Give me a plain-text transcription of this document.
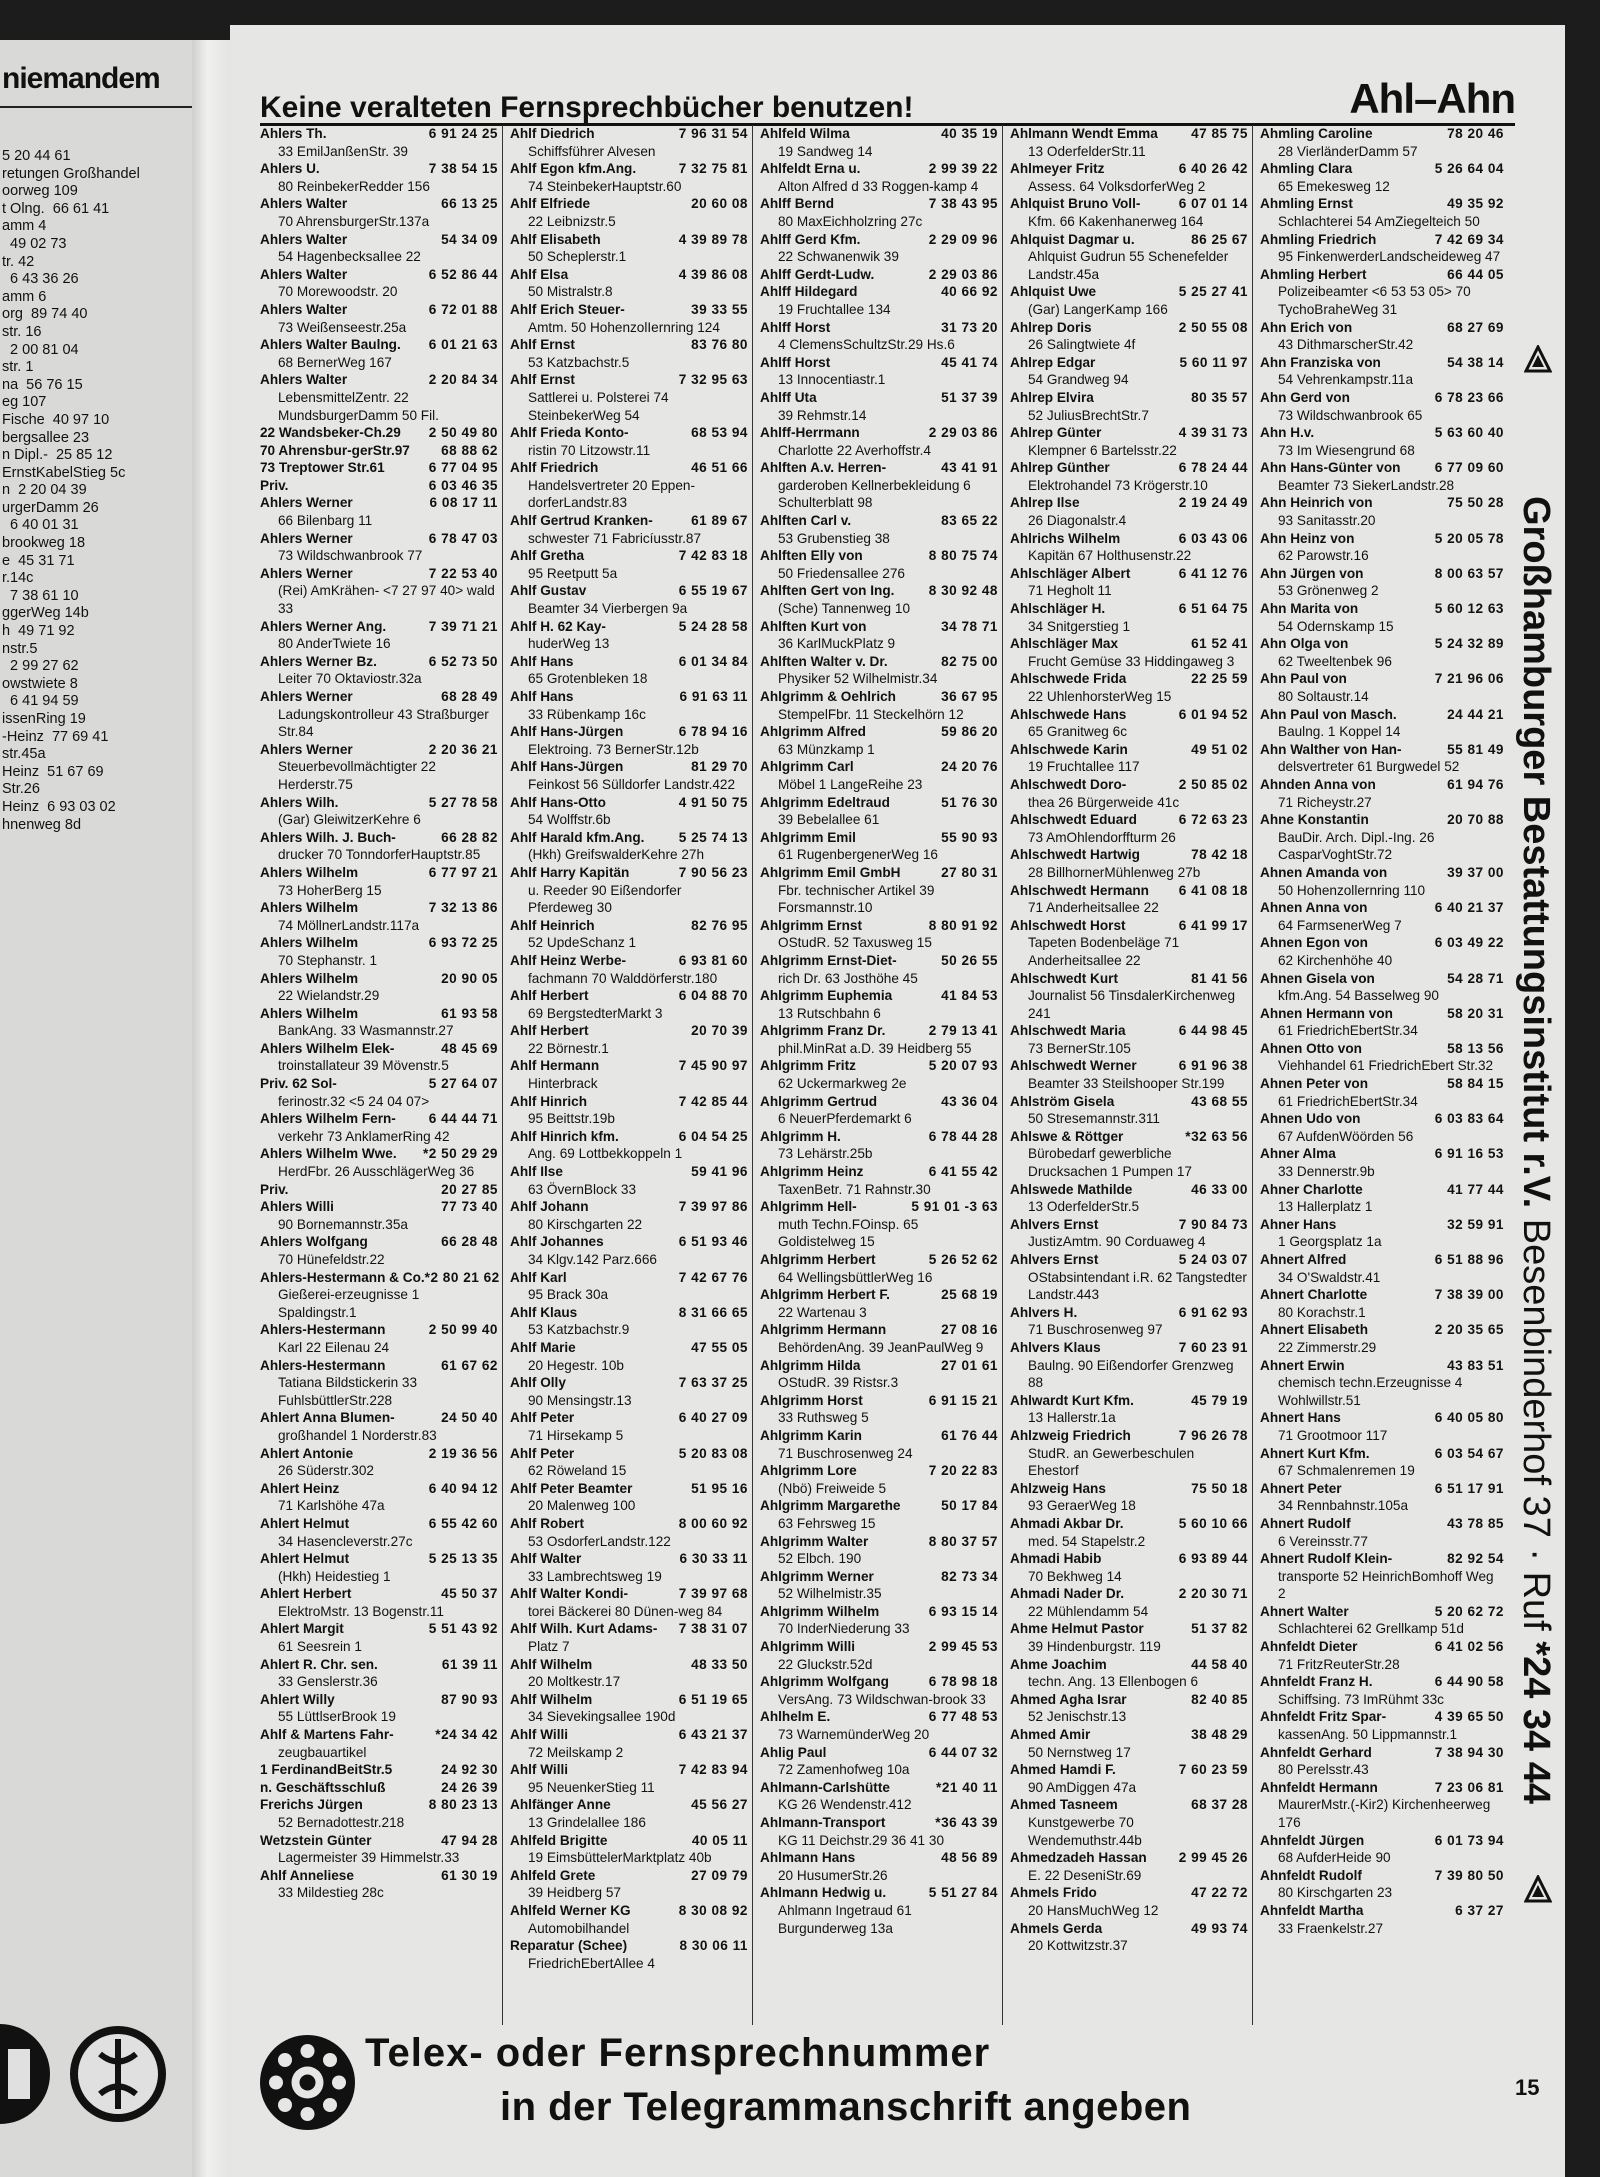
niemandem
5 20 44 61
retungen Großhandel
oorweg 109
t Olng.  66 61 41
amm 4
49 02 73
tr. 42
6 43 36 26
amm 6
org  89 74 40
str. 16
2 00 81 04
str. 1
na  56 76 15
eg 107
Fische  40 97 10
bergsallee 23
n Dipl.-  25 85 12
ErnstKabelStieg 5c
n  2 20 04 39
urgerDamm 26
6 40 01 31
brookweg 18
e  45 31 71
r.14c
7 38 61 10
ggerWeg 14b
h  49 71 92
nstr.5
2 99 27 62
owstwiete 8
6 41 94 59
issenRing 19
-Heinz  77 69 41
str.45a
Heinz  51 67 69
Str.26
Heinz  6 93 03 02
hnenweg 8d
Keine veralteten Fernsprechbücher benutzen!	Ahl–Ahn
Ahlers Th.	6 91 24 25
33 EmilJanßenStr. 39
Ahlers U.	7 38 54 15
80 ReinbekerRedder 156
Ahlers Walter	66 13 25
70 AhrensburgerStr.137a
Ahlers Walter	54 34 09
54 HagenbecksalIee 22
Ahlers Walter	6 52 86 44
70 Morewoodstr. 20
Ahlers Walter	6 72 01 88
73 Weißenseestr.25a
Ahlers Walter Baulng. 6 01 21 63
68 BernerWeg 167
Ahlers Walter	2 20 84 34
LebensmittelZentr. 22 MundsburgerDamm 50 Fil.
22 Wandsbeker-Ch.29 2 50 49 80
70 Ahrensbur-gerStr.97 68 88 62
73 Treptower Str.61	6 77 04 95
Priv.	6 03 46 35
Ahlers Werner	6 08 17 11
66 Bilenbarg 11
Ahlers Werner	6 78 47 03
73 Wildschwanbrook 77
Ahlers Werner	7 22 53 40
(Rei) AmKrähen- <7 27 97 40> wald 33
Ahlers Werner Ang.	7 39 71 21
80 AnderTwiete 16
Ahlers Werner Bz.	6 52 73 50
Leiter 70 Oktaviostr.32a
Ahlers Werner	68 28 49
Ladungskontrolleur 43 Straßburger Str.84
Ahlers Werner	2 20 36 21
Steuerbevollmächtigter 22 Herderstr.75
Ahlers Wilh.	5 27 78 58
(Gar) GleiwitzerKehre 6
Ahlers Wilh. J. Buch-	66 28 82
drucker 70 TonndorferHauptstr.85
Ahlers Wilhelm	6 77 97 21
73 HoherBerg 15
Ahlers Wilhelm	7 32 13 86
74 MöllnerLandstr.117a
Ahlers Wilhelm	6 93 72 25
70 Stephanstr. 1
Ahlers Wilhelm	20 90 05
22 Wielandstr.29
Ahlers Wilhelm	61 93 58
BankAng. 33 Wasmannstr.27
Ahlers Wilhelm Elek-	48 45 69
troinstallateur 39 Mövenstr.5
Priv. 62 Sol-	5 27 64 07
ferinostr.32 <5 24 04 07>
Ahlers Wilhelm Fern- 6 44 44 71
verkehr 73 AnklamerRing 42
Ahlers Wilhelm Wwe. *2 50 29 29
HerdFbr. 26 AusschlägerWeg 36
Priv.	20 27 85
Ahlers Willi	77 73 40
90 Bornemannstr.35a
Ahlers Wolfgang	66 28 48
70 Hünefeldstr.22
Ahlers-Hestermann & Co. *2 80 21 62
Gießerei-erzeugnisse 1 Spaldingstr.1
Ahlers-Hestermann	2 50 99 40
Karl 22 Eilenau 24
Ahlers-Hestermann	61 67 62
Tatiana Bildstickerin 33 FuhlsbüttlerStr.228
Ahlert Anna Blumen-	24 50 40
großhandel 1 Norderstr.83
Ahlert Antonie	2 19 36 56
26 Süderstr.302
Ahlert Heinz	6 40 94 12
71 Karlshöhe 47a
Ahlert Helmut	6 55 42 60
34 Hasencleverstr.27c
Ahlert Helmut	5 25 13 35
(Hkh) Heidestieg 1
Ahlert Herbert	45 50 37
ElektroMstr. 13 Bogenstr.11
Ahlert Margit	5 51 43 92
61 Seesrein 1
Ahlert R. Chr. sen.	61 39 11
33 Genslerstr.36
Ahlert Willy	87 90 93
55 LüttlserBrook 19
Ahlf & Martens Fahr-	*24 34 42
zeugbauartikel
1 FerdinandBeitStr.5	24 92 30
n. Geschäftsschluß	24 26 39
Frerichs Jürgen	8 80 23 13
52 Bernadottestr.218
Wetzstein Günter	47 94 28
Lagermeister 39 Himmelstr.33
Ahlf Anneliese	61 30 19
33 Mildestieg 28c
Ahlf Diedrich	7 96 31 54
Schiffsführer Alvesen
Ahlf Egon kfm.Ang.	7 32 75 81
74 SteinbekerHauptstr.60
Ahlf Elfriede	20 60 08
22 Leibnizstr.5
Ahlf Elisabeth	4 39 89 78
50 Scheplerstr.1
Ahlf Elsa	4 39 86 08
50 Mistralstr.8
Ahlf Erich Steuer-	39 33 55
Amtm. 50 HohenzolIernring 124
Ahlf Ernst	83 76 80
53 Katzbachstr.5
Ahlf Ernst	7 32 95 63
Sattlerei u. Polsterei 74 SteinbekerWeg 54
Ahlf Frieda Konto-	68 53 94
ristin 70 Litzowstr.11
Ahlf Friedrich	46 51 66
Handelsvertreter 20 Eppen-dorferLandstr.83
Ahlf Gertrud Kranken-	61 89 67
schwester 71 Fabricíusstr.87
Ahlf Gretha	7 42 83 18
95 Reetputt 5a
Ahlf Gustav	6 55 19 67
Beamter 34 Vierbergen 9a
Ahlf H. 62 Kay-	5 24 28 58
huderWeg 13
Ahlf Hans	6 01 34 84
65 Grotenbleken 18
Ahlf Hans	6 91 63 11
33 Rübenkamp 16c
Ahlf Hans-Jürgen	6 78 94 16
Elektroing. 73 BernerStr.12b
Ahlf Hans-Jürgen	81 29 70
Feinkost 56 Sülldorfer Landstr.422
Ahlf Hans-Otto	4 91 50 75
54 Wolffstr.6b
Ahlf Harald kfm.Ang.	5 25 74 13
(Hkh) GreifswalderKehre 27h
Ahlf Harry Kapitän	7 90 56 23
u. Reeder 90 Eißendorfer Pferdeweg 30
Ahlf Heinrich	82 76 95
52 UpdeSchanz 1
Ahlf Heinz Werbe-	6 93 81 60
fachmann 70 Walddörferstr.180
Ahlf Herbert	6 04 88 70
69 BergstedterMarkt 3
Ahlf Herbert	20 70 39
22 Börnestr.1
Ahlf Hermann	7 45 90 97
Hinterbrack
Ahlf Hinrich	7 42 85 44
95 Beittstr.19b
Ahlf Hinrich kfm.	6 04 54 25
Ang. 69 Lottbekkoppeln 1
Ahlf Ilse	59 41 96
63 ÖvernBlock 33
Ahlf Johann	7 39 97 86
80 Kirschgarten 22
Ahlf Johannes	6 51 93 46
34 Klgv.142 Parz.666
Ahlf Karl	7 42 67 76
95 Brack 30a
Ahlf Klaus	8 31 66 65
53 Katzbachstr.9
Ahlf Marie	47 55 05
20 Hegestr. 10b
Ahlf Olly	7 63 37 25
90 Mensingstr.13
Ahlf Peter	6 40 27 09
71 Hirsekamp 5
Ahlf Peter	5 20 83 08
62 Röweland 15
Ahlf Peter Beamter	51 95 16
20 Malenweg 100
Ahlf Robert	8 00 60 92
53 OsdorferLandstr.122
Ahlf Walter	6 30 33 11
33 Lambrechtsweg 19
Ahlf Walter Kondi-	7 39 97 68
torei Bäckerei 80 Dünen-weg 84
Ahlf Wilh. Kurt Adams- 7 38 31 07
Platz 7
Ahlf Wilhelm	48 33 50
20 Moltkestr.17
Ahlf Wilhelm	6 51 19 65
34 Sievekingsallee 190d
Ahlf Willi	6 43 21 37
72 Meilskamp 2
Ahlf Willi	7 42 83 94
95 NeuenkerStieg 11
Ahlfänger Anne	45 56 27
13 Grindelallee 186
Ahlfeld Brigitte	40 05 11
19 EimsbüttelerMarktplatz 40b
Ahlfeld Grete	27 09 79
39 Heidberg 57
Ahlfeld Werner KG	8 30 08 92
Automobilhandel
Reparatur (Schee)	8 30 06 11
FriedrichEbertAllee 4
Ahlfeld Wilma	40 35 19
19 Sandweg 14
Ahlfeldt Erna u.	2 99 39 22
Alton Alfred d 33 Roggen-kamp 4
Ahlff Bernd	7 38 43 95
80 MaxEichholzring 27c
Ahlff Gerd Kfm.	2 29 09 96
22 Schwanenwik 39
Ahlff Gerdt-Ludw.	2 29 03 86
Ahlff Hildegard	40 66 92
19 Fruchtallee 134
Ahlff Horst	31 73 20
4 ClemensSchultzStr.29 Hs.6
Ahlff Horst	45 41 74
13 Innocentiastr.1
Ahlff Uta	51 37 39
39 Rehmstr.14
Ahlff-Herrmann	2 29 03 86
Charlotte 22 Averhoffstr.4
Ahlften A.v. Herren-	43 41 91
garderoben Kellnerbekleidung 6 Schulterblatt 98
Ahlften Carl v.	83 65 22
53 Grubenstieg 38
Ahlften Elly von	8 80 75 74
50 Friedensallee 276
Ahlften Gert von Ing.	8 30 92 48
(Sche) Tannenweg 10
Ahlften Kurt von	34 78 71
36 KarlMuckPlatz 9
Ahlften Walter v. Dr.	82 75 00
Physiker 52 Wilhelmistr.34
Ahlgrimm & Oehlrich	36 67 95
StempelFbr. 11 Steckelhörn 12
Ahlgrimm Alfred	59 86 20
63 Münzkamp 1
Ahlgrimm Carl	24 20 76
Möbel 1 LangeReihe 23
Ahlgrimm Edeltraud	51 76 30
39 Bebelallee 61
Ahlgrimm Emil	55 90 93
61 RugenbergenerWeg 16
Ahlgrimm Emil GmbH	27 80 31
Fbr. technischer Artikel 39 Forsmannstr.10
Ahlgrimm Ernst	8 80 91 92
OStudR. 52 Taxusweg 15
Ahlgrimm Ernst-Diet-	50 26 55
rich Dr. 63 Josthöhe 45
Ahlgrimm Euphemia	41 84 53
13 Rutschbahn 6
Ahlgrimm Franz Dr.	2 79 13 41
phil.MinRat a.D. 39 Heidberg 55
Ahlgrimm Fritz	5 20 07 93
62 Uckermarkweg 2e
Ahlgrimm Gertrud	43 36 04
6 NeuerPferdemarkt 6
Ahlgrimm H.	6 78 44 28
73 Lehärstr.25b
Ahlgrimm Heinz	6 41 55 42
TaxenBetr. 71 Rahnstr.30
Ahlgrimm Hell-	5 91 01 -3 63
muth Techn.FOinsp. 65 Goldistelweg 15
Ahlgrimm Herbert	5 26 52 62
64 WellingsbüttlerWeg 16
Ahlgrimm Herbert F.	25 68 19
22 Wartenau 3
Ahlgrimm Hermann	27 08 16
BehördenAng. 39 JeanPaulWeg 9
Ahlgrimm Hilda	27 01 61
OStudR. 39 Ristsr.3
Ahlgrimm Horst	6 91 15 21
33 Ruthsweg 5
Ahlgrimm Karin	61 76 44
71 Buschrosenweg 24
Ahlgrimm Lore	7 20 22 83
(Nbö) Freiweide 5
Ahlgrimm Margarethe	50 17 84
63 Fehrsweg 15
Ahlgrimm Walter	8 80 37 57
52 Elbch. 190
Ahlgrimm Werner	82 73 34
52 Wilhelmistr.35
Ahlgrimm Wilhelm	6 93 15 14
70 InderNiederung 33
Ahlgrimm Willi	2 99 45 53
22 Gluckstr.52d
Ahlgrimm Wolfgang	6 78 98 18
VersAng. 73 Wildschwan-brook 33
Ahlhelm E.	6 77 48 53
73 WarnemünderWeg 20
Ahlig Paul	6 44 07 32
72 Zamenhofweg 10a
Ahlmann-Carlshütte	*21 40 11
KG 26 Wendenstr.412
Ahlmann-Transport	*36 43 39
KG 11 Deichstr.29 36 41 30
Ahlmann Hans	48 56 89
20 HusumerStr.26
Ahlmann Hedwig u.	5 51 27 84
Ahlmann Ingetraud 61 Burgunderweg 13a
Ahlmann Wendt Emma 47 85 75
13 OderfelderStr.11
Ahlmeyer Fritz	6 40 26 42
Assess. 64 VolksdorferWeg 2
Ahlquist Bruno Voll-	6 07 01 14
Kfm. 66 Kakenhanerweg 164
Ahlquist Dagmar u.	86 25 67
Ahlquist Gudrun 55 Schenefelder Landstr.45a
Ahlquist Uwe	5 25 27 41
(Gar) LangerKamp 166
Ahlrep Doris	2 50 55 08
26 Salingtwiete 4f
Ahlrep Edgar	5 60 11 97
54 Grandweg 94
Ahlrep Elvira	80 35 57
52 JuliusBrechtStr.7
Ahlrep Günter	4 39 31 73
Klempner 6 Bartelsstr.22
Ahlrep Günther	6 78 24 44
Elektrohandel 73 Krögerstr.10
Ahlrep Ilse	2 19 24 49
26 Diagonalstr.4
Ahlrichs Wilhelm	6 03 43 06
Kapitän 67 Holthusenstr.22
Ahlschläger Albert	6 41 12 76
71 Hegholt 11
Ahlschläger H.	6 51 64 75
34 Snitgerstieg 1
Ahlschläger Max	61 52 41
Frucht Gemüse 33 Hiddingaweg 3
Ahlschwede Frida	22 25 59
22 UhlenhorsterWeg 15
Ahlschwede Hans	6 01 94 52
65 Granitweg 6c
Ahlschwede Karin	49 51 02
19 Fruchtallee 117
Ahlschwedt Doro-	2 50 85 02
thea 26 Bürgerweide 41c
Ahlschwedt Eduard	6 72 63 23
73 AmOhlendorffturm 26
Ahlschwedt Hartwig	78 42 18
28 BillhornerMühlenweg 27b
Ahlschwedt Hermann 6 41 08 18
71 Anderheitsallee 22
Ahlschwedt Horst	6 41 99 17
Tapeten Bodenbeläge 71 Anderheitsallee 22
Ahlschwedt Kurt	81 41 56
Journalist 56 TinsdalerKirchenweg 241
Ahlschwedt Maria	6 44 98 45
73 BernerStr.105
Ahlschwedt Werner	6 91 96 38
Beamter 33 Steilshooper Str.199
Ahlström Gisela	43 68 55
50 Stresemannstr.311
Ahlswe & Röttger	*32 63 56
Bürobedarf gewerbliche Drucksachen 1 Pumpen 17
Ahlswede Mathilde	46 33 00
13 OderfelderStr.5
Ahlvers Ernst	7 90 84 73
JustizAmtm. 90 Corduaweg 4
Ahlvers Ernst	5 24 03 07
OStabsintendant i.R. 62 Tangstedter Landstr.443
Ahlvers H.	6 91 62 93
71 Buschrosenweg 97
Ahlvers Klaus	7 60 23 91
Baulng. 90 Eißendorfer Grenzweg 88
Ahlwardt Kurt Kfm.	45 79 19
13 Hallerstr.1a
Ahlzweig Friedrich	7 96 26 78
StudR. an Gewerbeschulen Ehestorf
Ahlzweig Hans	75 50 18
93 GeraerWeg 18
Ahmadi Akbar Dr.	5 60 10 66
med. 54 Stapelstr.2
Ahmadi Habib	6 93 89 44
70 Bekhweg 14
Ahmadi Nader Dr.	2 20 30 71
22 Mühlendamm 54
Ahme Helmut Pastor	51 37 82
39 Hindenburgstr. 119
Ahme Joachim	44 58 40
techn. Ang. 13 Ellenbogen 6
Ahmed Agha Israr	82 40 85
52 Jenischstr.13
Ahmed Amir	38 48 29
50 Nernstweg 17
Ahmed Hamdi F.	7 60 23 59
90 AmDiggen 47a
Ahmed Tasneem	68 37 28
Kunstgewerbe 70 Wendemuthstr.44b
Ahmedzadeh Hassan 2 99 45 26
E. 22 DeseniStr.69
Ahmels Frido	47 22 72
20 HansMuchWeg 12
Ahmels Gerda	49 93 74
20 Kottwitzstr.37
Ahmling Caroline	78 20 46
28 VierländerDamm 57
Ahmling Clara	5 26 64 04
65 Emekesweg 12
Ahmling Ernst	49 35 92
Schlachterei 54 AmZiegelteich 50
Ahmling Friedrich	7 42 69 34
95 FinkenwerderLandscheideweg 47
Ahmling Herbert	66 44 05
Polizeibeamter <6 53 53 05> 70 TychoBraheWeg 31
Ahn Erich von	68 27 69
43 DithmarscherStr.42
Ahn Franziska von	54 38 14
54 Vehrenkampstr.11a
Ahn Gerd von	6 78 23 66
73 Wildschwanbrook 65
Ahn H.v.	5 63 60 40
73 Im Wiesengrund 68
Ahn Hans-Günter von	6 77 09 60
Beamter 73 SiekerLandstr.28
Ahn Heinrich von	75 50 28
93 Sanitasstr.20
Ahn Heinz von	5 20 05 78
62 Parowstr.16
Ahn Jürgen von	8 00 63 57
53 Grönenweg 2
Ahn Marita von	5 60 12 63
54 Odernskamp 15
Ahn Olga von	5 24 32 89
62 Tweeltenbek 96
Ahn Paul von	7 21 96 06
80 Soltaustr.14
Ahn Paul von Masch.	24 44 21
Baulng. 1 Koppel 14
Ahn Walther von Han-	55 81 49
delsvertreter 61 Burgwedel 52
Ahnden Anna von	61 94 76
71 Richeystr.27
Ahne Konstantin	20 70 88
BauDir. Arch. Dipl.-Ing. 26 CasparVoghtStr.72
Ahnen Amanda von	39 37 00
50 Hohenzollernring 110
Ahnen Anna von	6 40 21 37
64 FarmsenerWeg 7
Ahnen Egon von	6 03 49 22
62 Kirchenhöhe 40
Ahnen Gisela von	54 28 71
kfm.Ang. 54 Basselweg 90
Ahnen Hermann von	58 20 31
61 FriedrichEbertStr.34
Ahnen Otto von	58 13 56
Viehhandel 61 FriedrichEbert Str.32
Ahnen Peter von	58 84 15
61 FriedrichEbertStr.34
Ahnen Udo von	6 03 83 64
67 AufdenWöörden 56
Ahner Alma	6 91 16 53
33 Dennerstr.9b
Ahner Charlotte	41 77 44
13 Hallerplatz 1
Ahner Hans	32 59 91
1 Georgsplatz 1a
Ahnert Alfred	6 51 88 96
34 O'Swaldstr.41
Ahnert Charlotte	7 38 39 00
80 Korachstr.1
Ahnert Elisabeth	2 20 35 65
22 Zimmerstr.29
Ahnert Erwin	43 83 51
chemisch techn.Erzeugnisse 4 Wohlwillstr.51
Ahnert Hans	6 40 05 80
71 Grootmoor 117
Ahnert Kurt Kfm.	6 03 54 67
67 Schmalenremen 19
Ahnert Peter	6 51 17 91
34 Rennbahnstr.105a
Ahnert Rudolf	43 78 85
6 Vereinsstr.77
Ahnert Rudolf Klein-	82 92 54
transporte 52 HeinrichBomhoff Weg 2
Ahnert Walter	5 20 62 72
Schlachterei 62 Grellkamp 51d
Ahnfeldt Dieter	6 41 02 56
71 FritzReuterStr.28
Ahnfeldt Franz H.	6 44 90 58
Schiffsing. 73 ImRühmt 33c
Ahnfeldt Fritz Spar-	4 39 65 50
kassenAng. 50 Lippmannstr.1
Ahnfeldt Gerhard	7 38 94 30
80 Perelsstr.43
Ahnfeldt Hermann	7 23 06 81
MaurerMstr.(-Kir2) Kirchenheerweg 176
Ahnfeldt Jürgen	6 01 73 94
68 AufderHeide 90
Ahnfeldt Rudolf	7 39 80 50
80 Kirschgarten 23
Ahnfeldt Martha	6 37 27
33 Fraenkelstr.27
Großhamburger Bestattungsinstitut r.V. Besenbinderhof 37 · Ruf *24 34 44
Telex- oder Fernsprechnummer
in der Telegrammanschrift angeben	15
